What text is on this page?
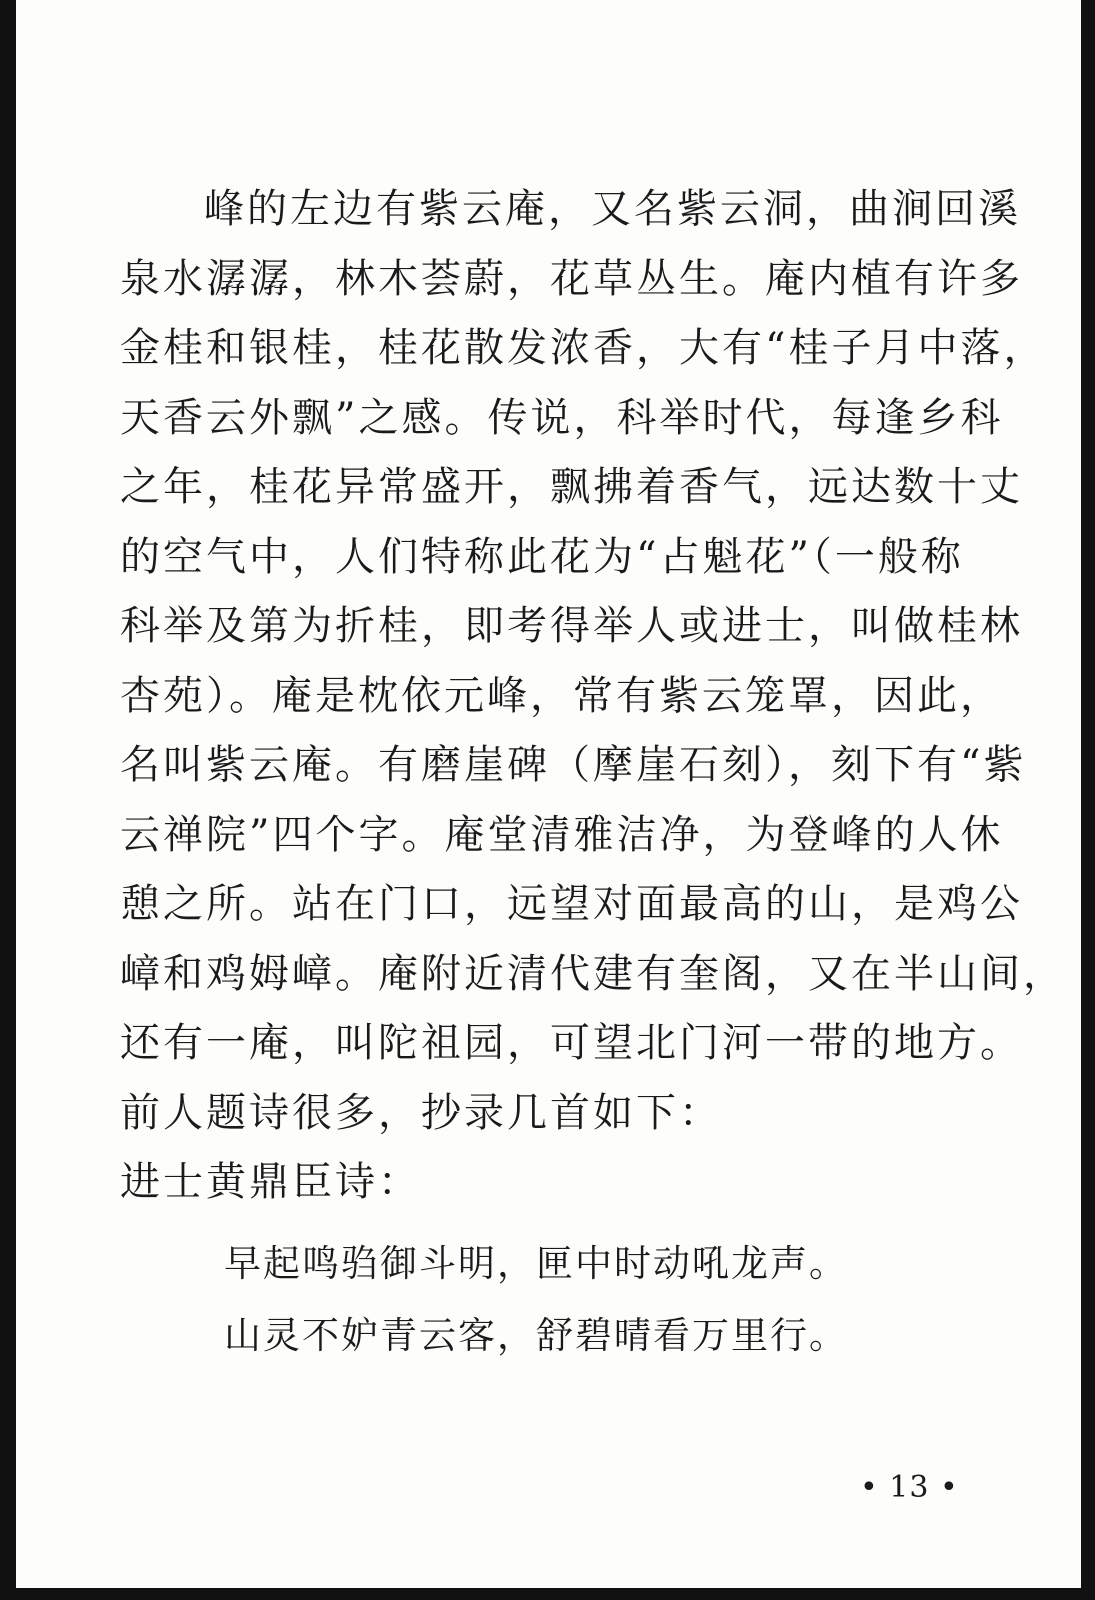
峰的左边有紫云庵，又名紫云洞，曲涧回溪
泉水潺潺，林木荟蔚，花草丛生。庵内植有许多
金桂和银桂，桂花散发浓香，大有“桂子月中落，
天香云外飘”之感。传说，科举时代，每逢乡科
之年，桂花异常盛开，飘拂着香气，远达数十丈
的空气中，人们特称此花为“占魁花”（一般称
科举及第为折桂，即考得举人或进士，叫做桂林
杏苑）。庵是枕依元峰，常有紫云笼罩，因此，
名叫紫云庵。有磨崖碑（摩崖石刻），刻下有“紫
云禅院”四个字。庵堂清雅洁净，为登峰的人休
憩之所。站在门口，远望对面最高的山，是鸡公
嶂和鸡姆嶂。庵附近清代建有奎阁，又在半山间，
还有一庵，叫陀祖园，可望北门河一带的地方。
前人题诗很多，抄录几首如下：
进士黄鼎臣诗：
早起鸣驺御斗明，匣中时动吼龙声。
山灵不妒青云客，舒碧晴看万里行。
• 13 •
